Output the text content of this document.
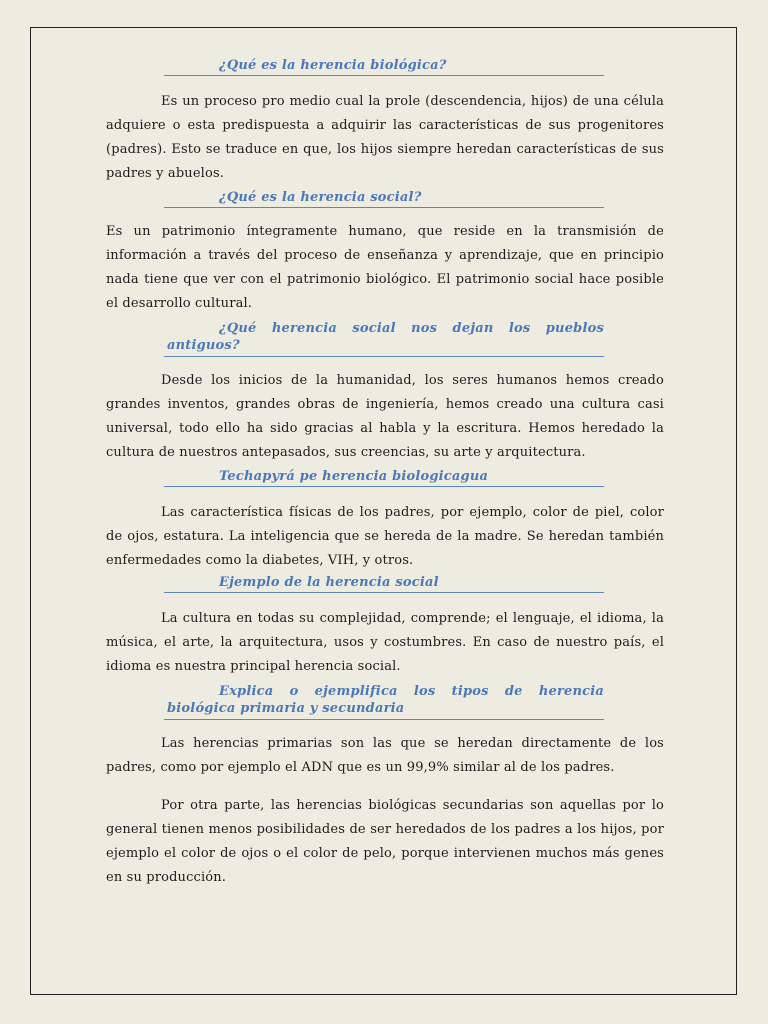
¿Qué es la herencia biológica?

Es un proceso pro medio cual la prole (descendencia, hijos) de una célula adquiere o esta predispuesta a adquirir las características de sus progenitores (padres). Esto se traduce en que, los hijos siempre heredan características de sus padres y abuelos.

¿Qué es la herencia social?

Es un patrimonio íntegramente humano, que reside en la transmisión de información a través del proceso de enseñanza y aprendizaje, que en principio nada tiene que ver con el patrimonio biológico. El patrimonio social hace posible el desarrollo cultural.

¿Qué herencia social nos dejan los pueblos
antiguos?

Desde los inicios de la humanidad, los seres humanos hemos creado grandes inventos, grandes obras de ingeniería, hemos creado una cultura casi universal, todo ello ha sido gracias al habla y la escritura. Hemos heredado la cultura de nuestros antepasados, sus creencias, su arte y arquitectura.

Techapyrá pe herencia biologicagua

Las característica físicas de los padres, por ejemplo, color de piel, color de ojos, estatura. La inteligencia que se hereda de la madre. Se heredan también enfermedades como la diabetes, VIH, y otros.

Ejemplo de la herencia social

La cultura en todas su complejidad, comprende; el lenguaje, el idioma, la música, el arte, la arquitectura, usos y costumbres. En caso de nuestro país, el idioma es nuestra principal herencia social.

Explica o ejemplifica los tipos de herencia
biológica primaria y secundaria

Las herencias primarias son las que se heredan directamente de los padres, como por ejemplo el ADN que es un 99,9% similar al de los padres.

Por otra parte, las herencias biológicas secundarias son aquellas por lo general tienen menos posibilidades de ser heredados de los padres a los hijos, por ejemplo el color de ojos o el color de pelo, porque intervienen muchos más genes en su producción.
